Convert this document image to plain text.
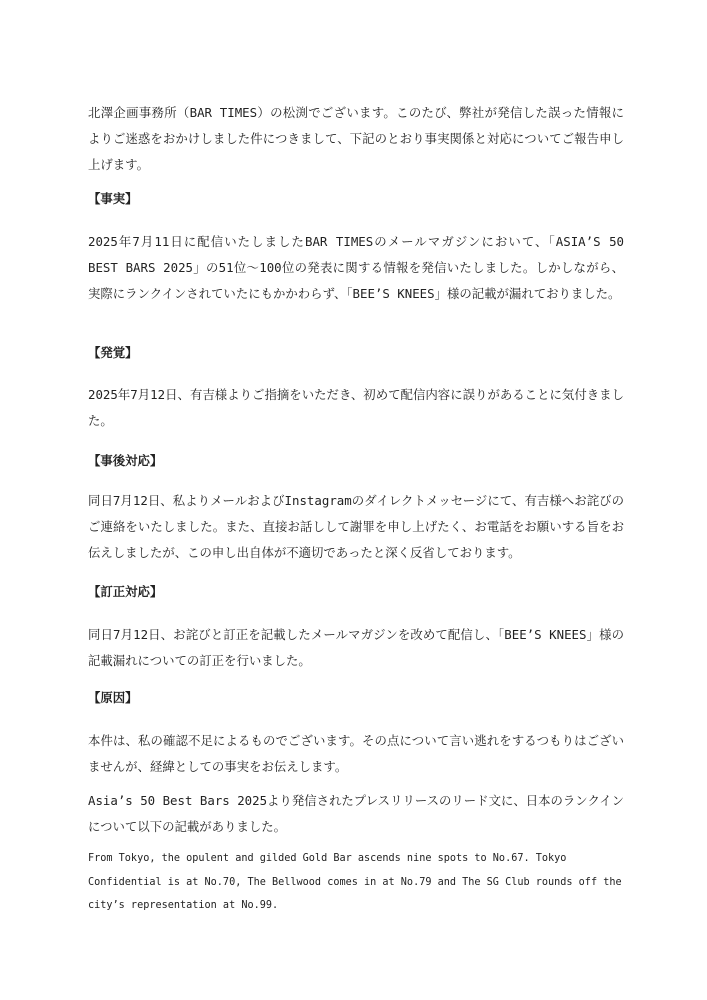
北澤企画事務所（BAR TIMES）の松渕でございます。このたび、弊社が発信した誤った情報によりご迷惑をおかけしました件につきまして、下記のとおり事実関係と対応についてご報告申し上げます。

【事実】

2025年7月11日に配信いたしましたBAR TIMESのメールマガジンにおいて、「ASIA’S 50 BEST BARS 2025」の51位〜100位の発表に関する情報を発信いたしました。しかしながら、実際にランクインされていたにもかかわらず、「BEE’S KNEES」様の記載が漏れておりました。

【発覚】

2025年7月12日、有吉様よりご指摘をいただき、初めて配信内容に誤りがあることに気付きました。

【事後対応】

同日7月12日、私よりメールおよびInstagramのダイレクトメッセージにて、有吉様へお詫びのご連絡をいたしました。また、直接お話しして謝罪を申し上げたく、お電話をお願いする旨をお伝えしましたが、この申し出自体が不適切であったと深く反省しております。

【訂正対応】

同日7月12日、お詫びと訂正を記載したメールマガジンを改めて配信し、「BEE’S KNEES」様の記載漏れについての訂正を行いました。

【原因】

本件は、私の確認不足によるものでございます。その点について言い逃れをするつもりはございませんが、経緯としての事実をお伝えします。

Asia’s 50 Best Bars 2025より発信されたプレスリリースのリード文に、日本のランクインについて以下の記載がありました。

From Tokyo, the opulent and gilded Gold Bar ascends nine spots to No.67. Tokyo Confidential is at No.70, The Bellwood comes in at No.79 and The SG Club rounds off the city’s representation at No.99.
